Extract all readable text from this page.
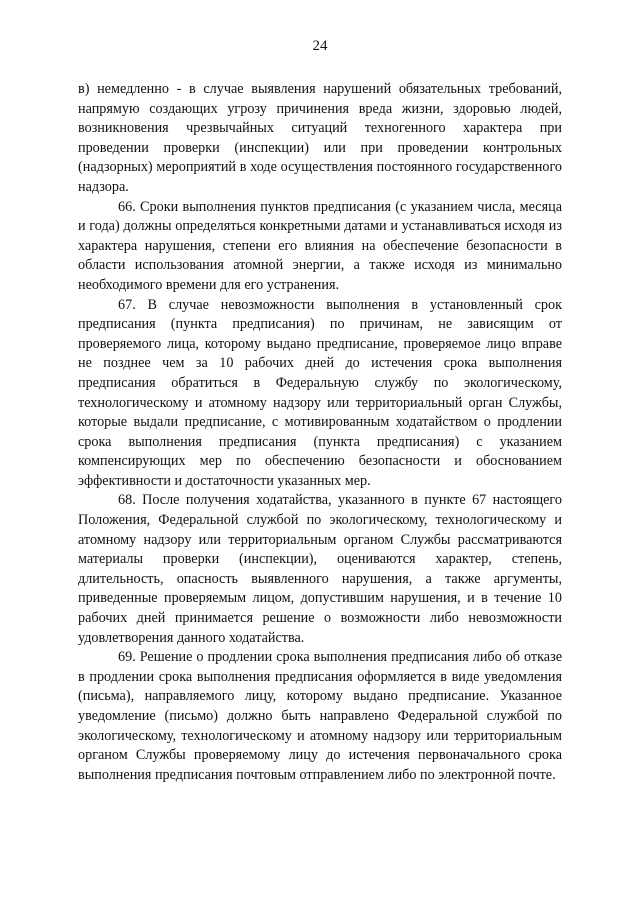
24

в) немедленно - в случае выявления нарушений обязательных требований, напрямую создающих угрозу причинения вреда жизни, здоровью людей, возникновения чрезвычайных ситуаций техногенного характера при проведении проверки (инспекции) или при проведении контрольных (надзорных) мероприятий в ходе осуществления постоянного государственного надзора.

66. Сроки выполнения пунктов предписания (с указанием числа, месяца и года) должны определяться конкретными датами и устанавливаться исходя из характера нарушения, степени его влияния на обеспечение безопасности в области использования атомной энергии, а также исходя из минимально необходимого времени для его устранения.

67. В случае невозможности выполнения в установленный срок предписания (пункта предписания) по причинам, не зависящим от проверяемого лица, которому выдано предписание, проверяемое лицо вправе не позднее чем за 10 рабочих дней до истечения срока выполнения предписания обратиться в Федеральную службу по экологическому, технологическому и атомному надзору или территориальный орган Службы, которые выдали предписание, с мотивированным ходатайством о продлении срока выполнения предписания (пункта предписания) с указанием компенсирующих мер по обеспечению безопасности и обоснованием эффективности и достаточности указанных мер.

68. После получения ходатайства, указанного в пункте 67 настоящего Положения, Федеральной службой по экологическому, технологическому и атомному надзору или территориальным органом Службы рассматриваются материалы проверки (инспекции), оцениваются характер, степень, длительность, опасность выявленного нарушения, а также аргументы, приведенные проверяемым лицом, допустившим нарушения, и в течение 10 рабочих дней принимается решение о возможности либо невозможности удовлетворения данного ходатайства.

69. Решение о продлении срока выполнения предписания либо об отказе в продлении срока выполнения предписания оформляется в виде уведомления (письма), направляемого лицу, которому выдано предписание. Указанное уведомление (письмо) должно быть направлено Федеральной службой по экологическому, технологическому и атомному надзору или территориальным органом Службы проверяемому лицу до истечения первоначального срока выполнения предписания почтовым отправлением либо по электронной почте.
